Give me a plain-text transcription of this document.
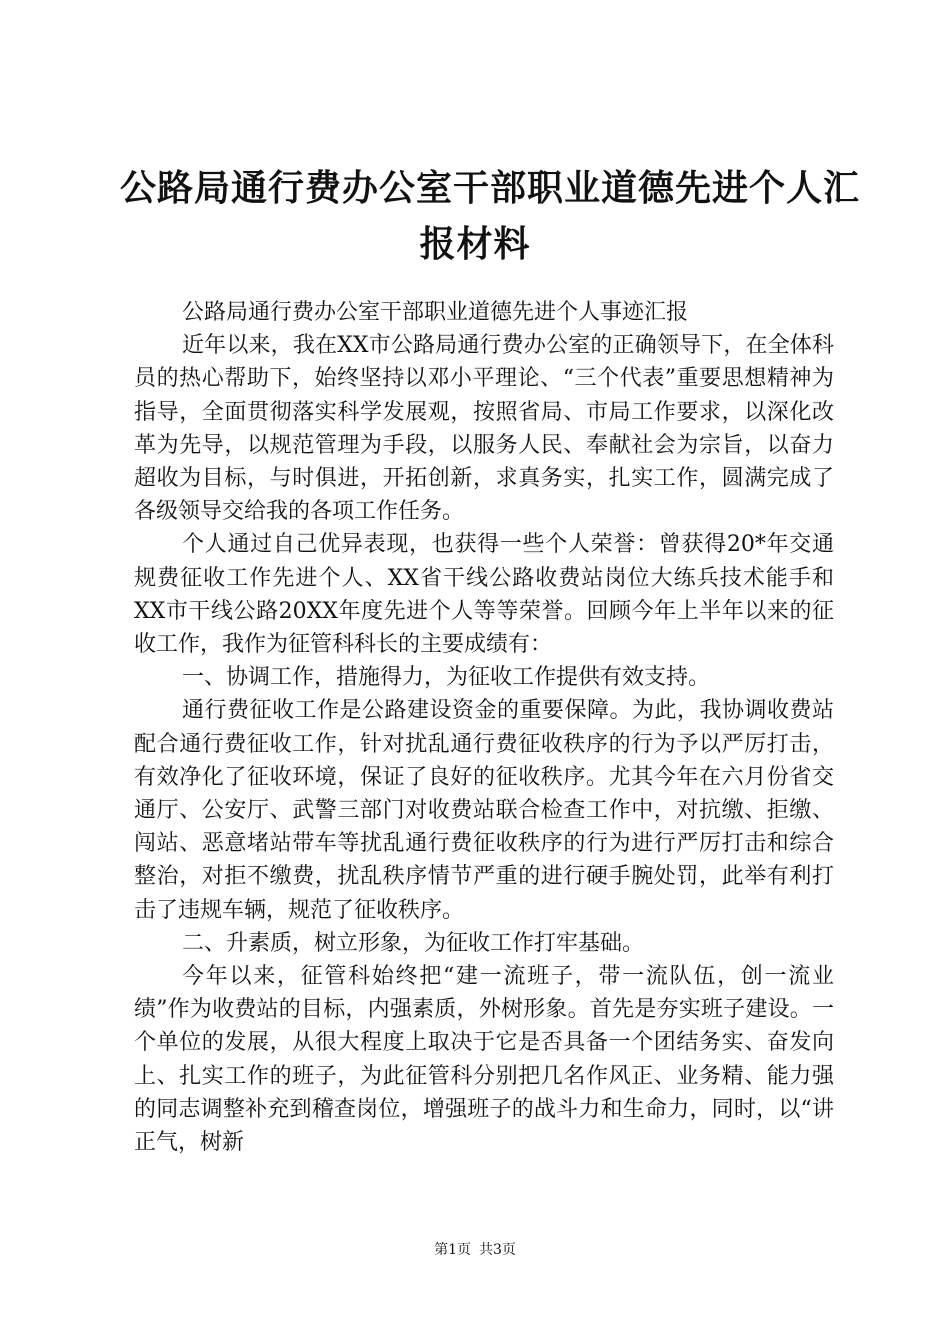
公路局通行费办公室干部职业道德先进个人汇
报材料

公路局通行费办公室干部职业道德先进个人事迹汇报

近年以来，我在XX市公路局通行费办公室的正确领导下，在全体科员的热心帮助下，始终坚持以邓小平理论、“三个代表”重要思想精神为指导，全面贯彻落实科学发展观，按照省局、市局工作要求，以深化改革为先导，以规范管理为手段，以服务人民、奉献社会为宗旨，以奋力超收为目标，与时俱进，开拓创新，求真务实，扎实工作，圆满完成了各级领导交给我的各项工作任务。

个人通过自己优异表现，也获得一些个人荣誉：曾获得20*年交通规费征收工作先进个人、XX省干线公路收费站岗位大练兵技术能手和XX市干线公路20XX年度先进个人等等荣誉。回顾今年上半年以来的征收工作，我作为征管科科长的主要成绩有：

一、协调工作，措施得力，为征收工作提供有效支持。

通行费征收工作是公路建设资金的重要保障。为此，我协调收费站配合通行费征收工作，针对扰乱通行费征收秩序的行为予以严厉打击，有效净化了征收环境，保证了良好的征收秩序。尤其今年在六月份省交通厅、公安厅、武警三部门对收费站联合检查工作中，对抗缴、拒缴、闯站、恶意堵站带车等扰乱通行费征收秩序的行为进行严厉打击和综合整治，对拒不缴费，扰乱秩序情节严重的进行硬手腕处罚，此举有利打击了违规车辆，规范了征收秩序。

二、升素质，树立形象，为征收工作打牢基础。

今年以来，征管科始终把“建一流班子，带一流队伍，创一流业绩”作为收费站的目标，内强素质，外树形象。首先是夯实班子建设。一个单位的发展，从很大程度上取决于它是否具备一个团结务实、奋发向上、扎实工作的班子，为此征管科分别把几名作风正、业务精、能力强的同志调整补充到稽查岗位，增强班子的战斗力和生命力，同时，以“讲正气，树新

第1页 共3页
